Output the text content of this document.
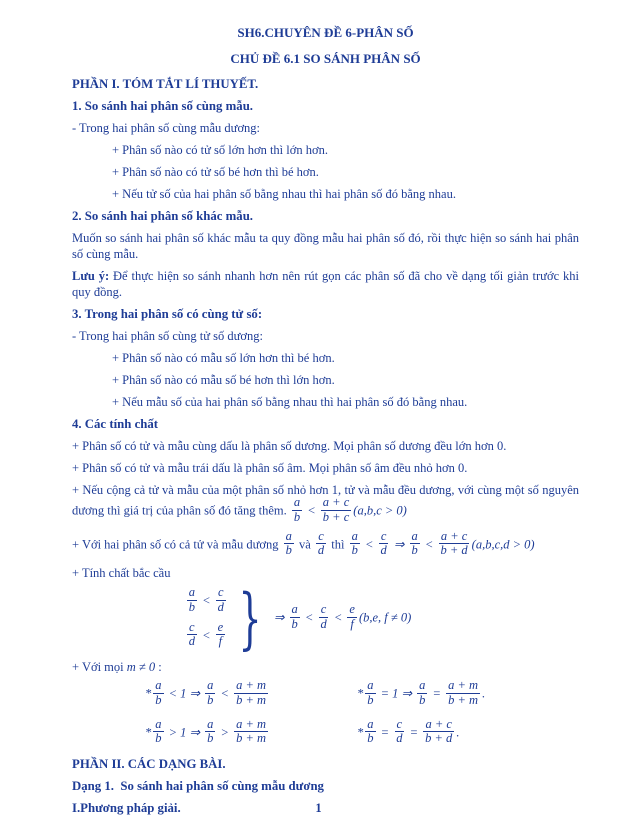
SH6.CHUYÊN ĐỀ 6-PHÂN SỐ
CHỦ ĐỀ 6.1 SO SÁNH PHÂN SỐ
PHẦN I. TÓM TẮT LÍ THUYẾT.
1. So sánh hai phân số cùng mẫu.
- Trong hai phân số cùng mẫu dương:
+ Phân số nào có tử số lớn hơn thì lớn hơn.
+ Phân số nào có tử số bé hơn thì bé hơn.
+ Nếu tử số của hai phân số bằng nhau thì hai phân số đó bằng nhau.
2. So sánh hai phân số khác mẫu.
Muốn so sánh hai phân số khác mẫu ta quy đồng mẫu hai phân số đó, rồi thực hiện so sánh hai phân số cùng mẫu.
Lưu ý: Để thực hiện so sánh nhanh hơn nên rút gọn các phân số đã cho về dạng tối giản trước khi quy đồng.
3. Trong hai phân số có cùng tử số:
- Trong hai phân số cùng tử số dương:
+ Phân số nào có mẫu số lớn hơn thì bé hơn.
+ Phân số nào có mẫu số bé hơn thì lớn hơn.
+ Nếu mẫu số của hai phân số bằng nhau thì hai phân số đó bằng nhau.
4. Các tính chất
+ Phân số có tử và mẫu cùng dấu là phân số dương. Mọi phân số dương đều lớn hơn 0.
+ Phân số có tử và mẫu trái dấu là phân số âm. Mọi phân số âm đều nhỏ hơn 0.
+ Nếu cộng cả tử và mẫu của một phân số nhỏ hơn 1, tử và mẫu đều dương, với cùng một số nguyên dương thì giá trị của phân số đó tăng thêm. $\frac{a}{b} < \frac{a + c}{b + c} (a,b,c > 0)$
+ Với hai phân số có cả tử và mẫu dương $\frac{a}{b}$ và $\frac{c}{d}$ thì $\frac{a}{b} < \frac{c}{d}$ ⇒ $\frac{a}{b} < \frac{a + c}{b + d} (a,b,c,d > 0)$
+ Tính chất bắc cầu
$\frac{a}{b} < \frac{c}{d}$
$\frac{c}{d} < \frac{e}{f}$ } ⇒ $\frac{a}{b} < \frac{c}{d} < \frac{e}{f} (b,e$, f ≠ 0)
+ Với mọi m ≠ 0 :
* $\frac{a}{b} < 1$ ⇒ $\frac{a}{b} < \frac{a + m}{b + m}$	* $\frac{a}{b} = 1$ ⇒ $\frac{a}{b} = \frac{a + m}{b + m}$ .
* $\frac{a}{b} > 1$ ⇒ $\frac{a}{b} > \frac{a + m}{b + m}$	* $\frac{a}{b} = \frac{c}{d} = \frac{a + c}{b + d}$ .
PHẦN II. CÁC DẠNG BÀI.
Dạng 1.  So sánh hai phân số cùng mẫu dương
I.Phương pháp giải.	1
